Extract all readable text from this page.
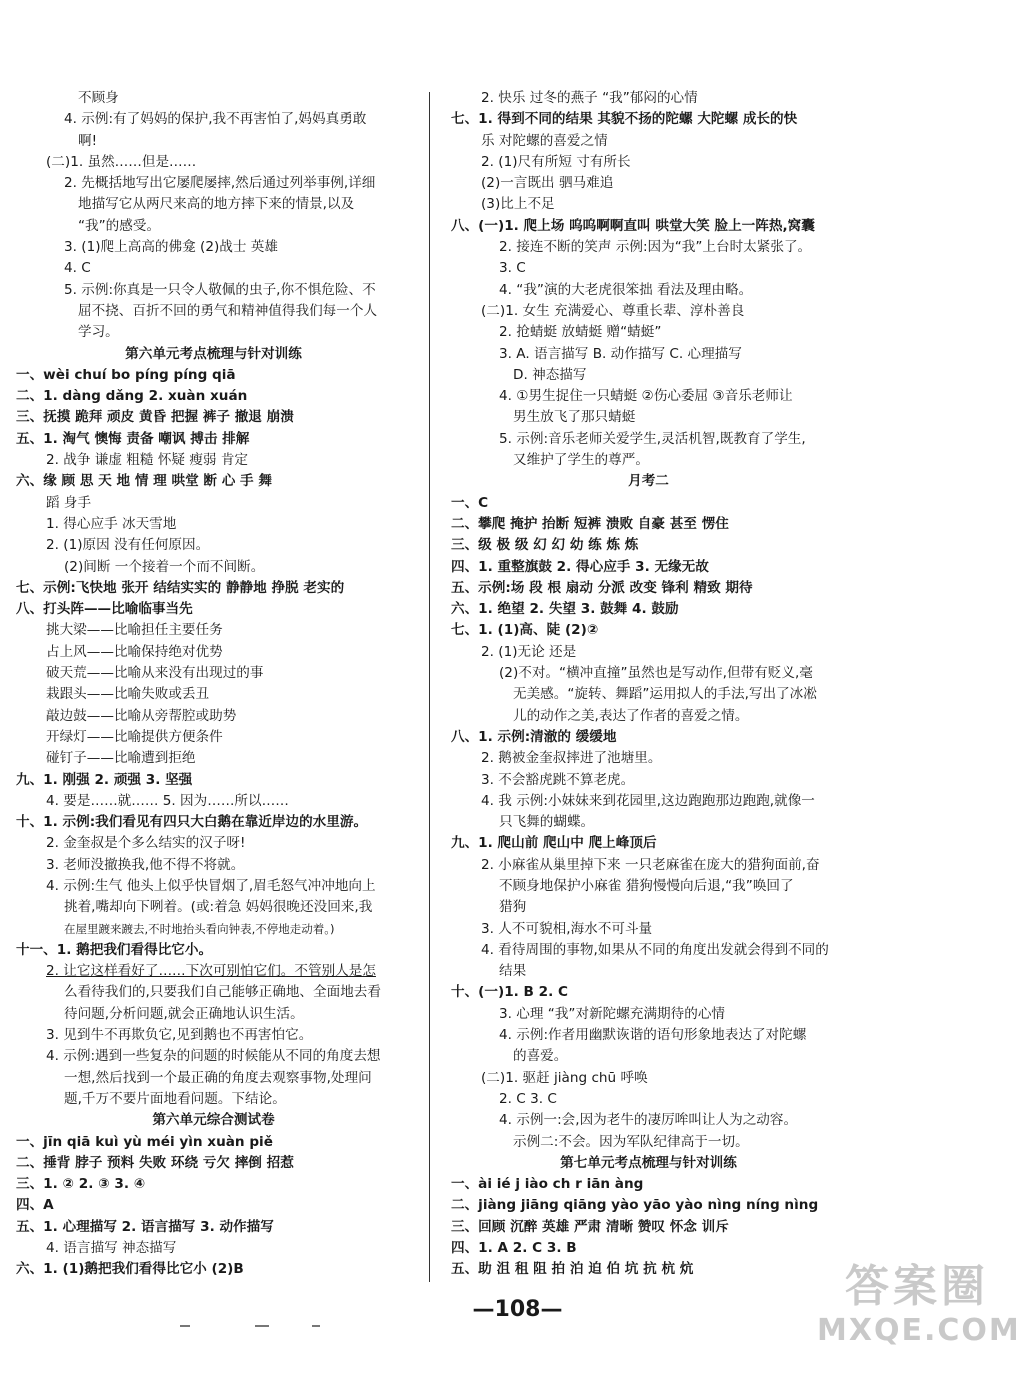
不顾身
4. 示例:有了妈妈的保护,我不再害怕了,妈妈真勇敢
啊!
(二)1. 虽然……但是……
2. 先概括地写出它屡爬屡摔,然后通过列举事例,详细
地描写它从两尺来高的地方摔下来的情景,以及
“我”的感受。
3. (1)爬上高高的佛龛 (2)战士 英雄
4. C
5. 示例:你真是一只令人敬佩的虫子,你不惧危险、不
屈不挠、百折不回的勇气和精神值得我们每一个人
学习。
第六单元考点梳理与针对训练
一、wèi chuí bo píng píng qiā
二、1. dàng dǎng 2. xuàn xuán
三、抚摸 跪拜 顽皮 黄昏 把握 裤子 撤退 崩溃
五、1. 淘气 懊悔 责备 嘲讽 搏击 排解
2. 战争 谦虚 粗糙 怀疑 瘦弱 肯定
六、缘 顾 思 天 地 情 理 哄堂 断 心 手 舞
蹈 身手
1. 得心应手 冰天雪地
2. (1)原因 没有任何原因。
(2)间断 一个接着一个而不间断。
七、示例:飞快地 张开 结结实实的 静静地 挣脱 老实的
八、打头阵——比喻临事当先
挑大梁——比喻担任主要任务
占上风——比喻保持绝对优势
破天荒——比喻从来没有出现过的事
栽跟头——比喻失败或丢丑
敲边鼓——比喻从旁帮腔或助势
开绿灯——比喻提供方便条件
碰钉子——比喻遭到拒绝
九、1. 刚强 2. 顽强 3. 坚强
4. 要是……就…… 5. 因为……所以……
十、1. 示例:我们看见有四只大白鹅在靠近岸边的水里游。
2. 金奎叔是个多么结实的汉子呀!
3. 老师没撤换我,他不得不将就。
4. 示例:生气 他头上似乎快冒烟了,眉毛怒气冲冲地向上
挑着,嘴却向下咧着。(或:着急 妈妈很晚还没回来,我
在屋里踱来踱去,不时地抬头看向钟表,不停地走动着。)
十一、1. 鹅把我们看得比它小。
2. 让它这样看好了……下次可别怕它们。不管别人是怎
么看待我们的,只要我们自己能够正确地、全面地去看
待问题,分析问题,就会正确地认识生活。
3. 见到牛不再欺负它,见到鹅也不再害怕它。
4. 示例:遇到一些复杂的问题的时候能从不同的角度去想
一想,然后找到一个最正确的角度去观察事物,处理问
题,千万不要片面地看问题。下结论。
第六单元综合测试卷
一、jīn qiā kuì yù méi yìn xuàn piě
二、捶背 脖子 预料 失败 环绕 亏欠 摔倒 招惹
三、1. ② 2. ③ 3. ④
四、A
五、1. 心理描写 2. 语言描写 3. 动作描写
4. 语言描写 神态描写
六、1. (1)鹅把我们看得比它小 (2)B
2. 快乐 过冬的燕子 “我”郁闷的心情
七、1. 得到不同的结果 其貌不扬的陀螺 大陀螺 成长的快
乐 对陀螺的喜爱之情
2. (1)尺有所短 寸有所长
(2)一言既出 驷马难追
(3)比上不足
八、(一)1. 爬上场 呜呜啊啊直叫 哄堂大笑 脸上一阵热,窝囊
2. 接连不断的笑声 示例:因为“我”上台时太紧张了。
3. C
4. “我”演的大老虎很笨拙 看法及理由略。
(二)1. 女生 充满爱心、尊重长辈、淳朴善良
2. 抢蜻蜓 放蜻蜓 赠“蜻蜓”
3. A. 语言描写 B. 动作描写 C. 心理描写
D. 神态描写
4. ①男生捉住一只蜻蜓 ②伤心委屈 ③音乐老师让
男生放飞了那只蜻蜓
5. 示例:音乐老师关爱学生,灵活机智,既教育了学生,
又维护了学生的尊严。
月考二
一、C
二、攀爬 掩护 抬断 短裤 溃败 自豪 甚至 愣住
三、级 极 级 幻 幻 幼 练 炼 炼
四、1. 重整旗鼓 2. 得心应手 3. 无缘无故
五、示例:场 段 根 扇动 分派 改变 锋利 精致 期待
六、1. 绝望 2. 失望 3. 鼓舞 4. 鼓励
七、1. (1)高、陡 (2)②
2. (1)无论 还是
(2)不对。“横冲直撞”虽然也是写动作,但带有贬义,毫
无美感。“旋转、舞蹈”运用拟人的手法,写出了冰凇
儿的动作之美,表达了作者的喜爱之情。
八、1. 示例:清澈的 缓缓地
2. 鹅被金奎叔摔进了池塘里。
3. 不会豁虎跳不算老虎。
4. 我 示例:小妹妹来到花园里,这边跑跑那边跑跑,就像一
只飞舞的蝴蝶。
九、1. 爬山前 爬山中 爬上峰顶后
2. 小麻雀从巢里掉下来 一只老麻雀在庞大的猎狗面前,奋
不顾身地保护小麻雀 猎狗慢慢向后退,“我”唤回了
猎狗
3. 人不可貌相,海水不可斗量
4. 看待周围的事物,如果从不同的角度出发就会得到不同的
结果
十、(一)1. B 2. C
3. 心理 “我”对新陀螺充满期待的心情
4. 示例:作者用幽默诙谐的语句形象地表达了对陀螺
的喜爱。
(二)1. 驱赶 jiàng chū 呼唤
2. C 3. C
4. 示例一:会,因为老牛的凄厉哞叫让人为之动容。
示例二:不会。因为军队纪律高于一切。
第七单元考点梳理与针对训练
一、ài ié j iào ch r iān àng
二、jiàng jiāng qiāng yào yāo yào nìng níng nìng
三、回顾 沉醉 英雄 严肃 清晰 赞叹 怀念 训斥
四、1. A 2. C 3. B
五、助 沮 租 阻 拍 泊 迫 伯 坑 抗 杭 炕
—108—	答案圈
MXQE.COM
